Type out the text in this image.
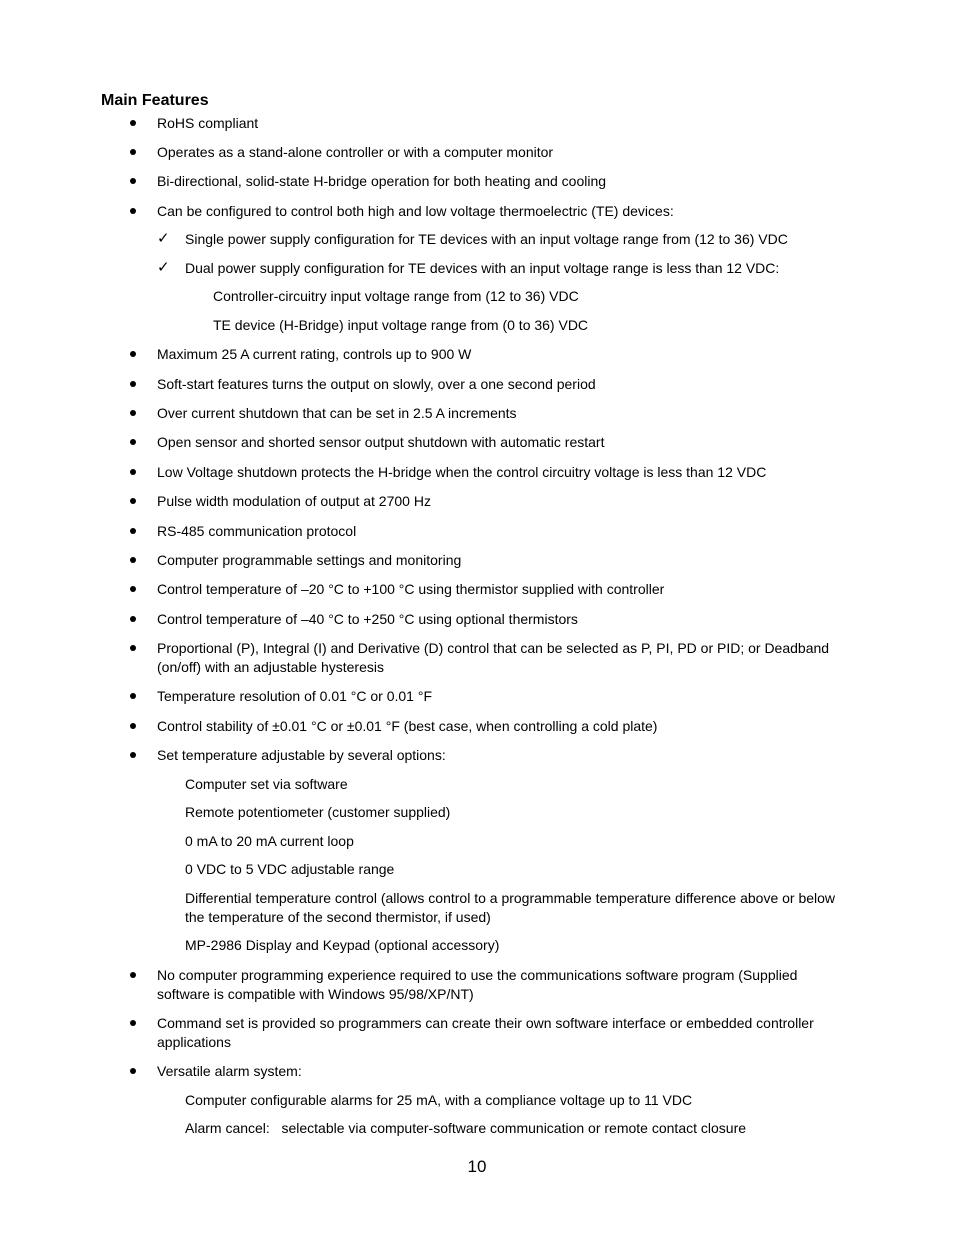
Main Features
RoHS compliant
Operates as a stand-alone controller or with a computer monitor
Bi-directional, solid-state H-bridge operation for both heating and cooling
Can be configured to control both high and low voltage thermoelectric (TE) devices:
✓ Single power supply configuration for TE devices with an input voltage range from (12 to 36) VDC
✓ Dual power supply configuration for TE devices with an input voltage range is less than 12 VDC:
Controller-circuitry input voltage range from (12 to 36) VDC
TE device (H-Bridge) input voltage range from (0 to 36) VDC
Maximum 25 A current rating, controls up to 900 W
Soft-start features turns the output on slowly, over a one second period
Over current shutdown that can be set in 2.5 A increments
Open sensor and shorted sensor output shutdown with automatic restart
Low Voltage shutdown protects the H-bridge when the control circuitry voltage is less than 12 VDC
Pulse width modulation of output at 2700 Hz
RS-485 communication protocol
Computer programmable settings and monitoring
Control temperature of –20 °C to +100 °C using thermistor supplied with controller
Control temperature of –40 °C to +250 °C using optional thermistors
Proportional (P), Integral (I) and Derivative (D) control that can be selected as P, PI, PD or PID; or Deadband
(on/off) with an adjustable hysteresis
Temperature resolution of 0.01 °C or 0.01 °F
Control stability of ±0.01 °C or ±0.01 °F (best case, when controlling a cold plate)
Set temperature adjustable by several options:
Computer set via software
Remote potentiometer (customer supplied)
0 mA to 20 mA current loop
0 VDC to 5 VDC adjustable range
Differential temperature control (allows control to a programmable temperature difference above or below
the temperature of the second thermistor, if used)
MP-2986 Display and Keypad (optional accessory)
No computer programming experience required to use the communications software program (Supplied
software is compatible with Windows 95/98/XP/NT)
Command set is provided so programmers can create their own software interface or embedded controller
applications
Versatile alarm system:
Computer configurable alarms for 25 mA, with a compliance voltage up to 11 VDC
Alarm cancel:   selectable via computer-software communication or remote contact closure
10
